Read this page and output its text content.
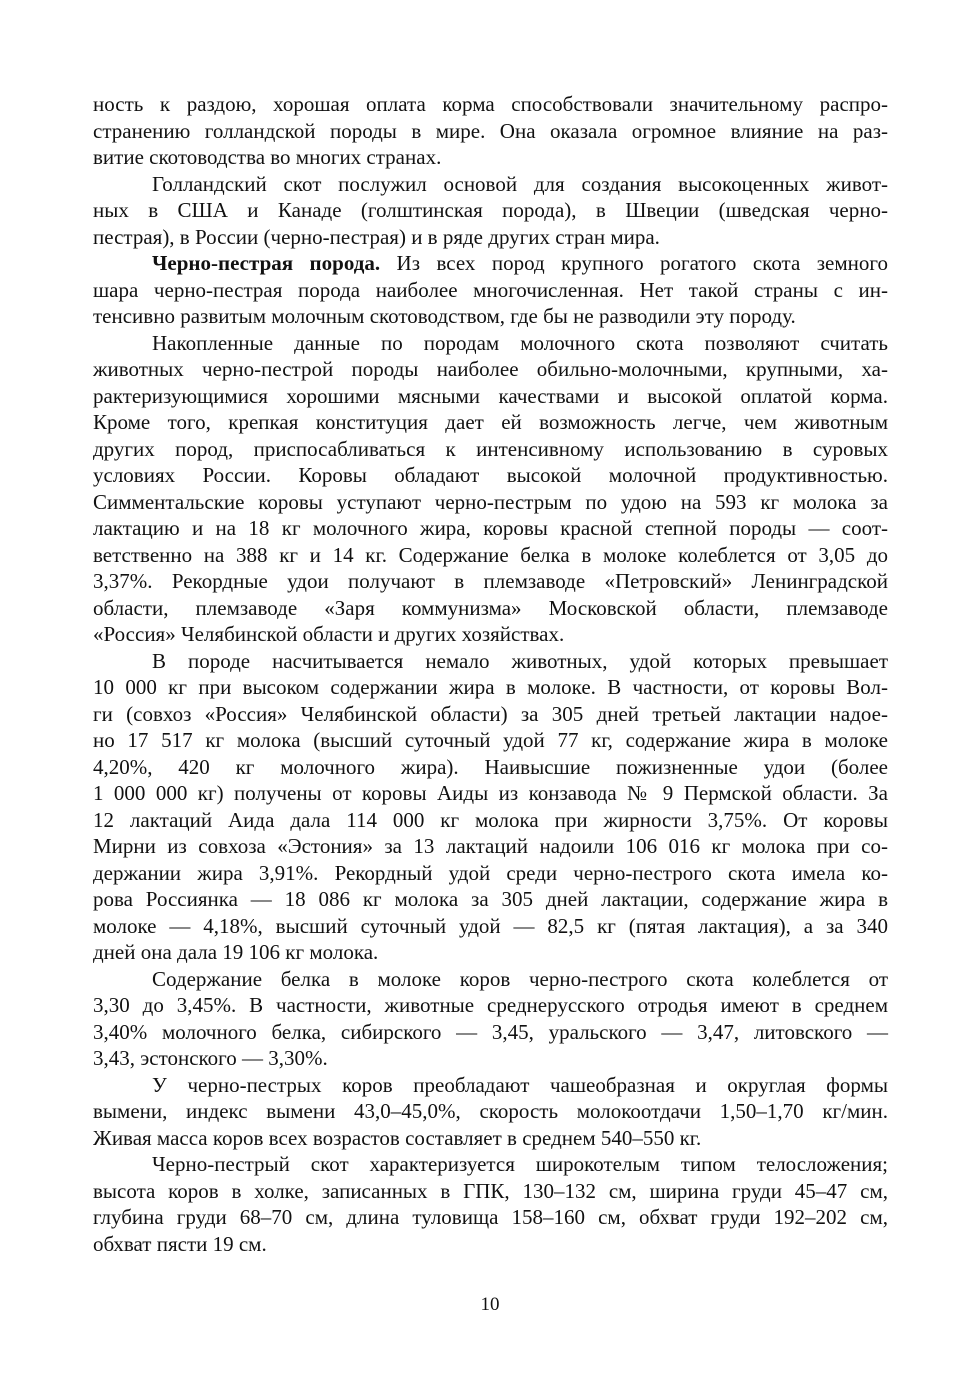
ность к раздою, хорошая оплата корма способствовали значительному распро-
странению голландской породы в мире. Она оказала огромное влияние на раз-
витие скотоводства во многих странах.
Голландский скот послужил основой для создания высокоценных живот-
ных в США и Канаде (голштинская порода), в Швеции (шведская черно-
пестрая), в России (черно-пестрая) и в ряде других стран мира.
Черно-пестрая порода. Из всех пород крупного рогатого скота земного
шара черно-пестрая порода наиболее многочисленная. Нет такой страны с ин-
тенсивно развитым молочным скотоводством, где бы не разводили эту породу.
Накопленные данные по породам молочного скота позволяют считать
животных черно-пестрой породы наиболее обильно-молочными, крупными, ха-
рактеризующимися хорошими мясными качествами и высокой оплатой корма.
Кроме того, крепкая конституция дает ей возможность легче, чем животным
других пород, приспосабливаться к интенсивному использованию в суровых
условиях России. Коровы обладают высокой молочной продуктивностью.
Симментальские коровы уступают черно-пестрым по удою на 593 кг молока за
лактацию и на 18 кг молочного жира, коровы красной степной породы — соот-
ветственно на 388 кг и 14 кг. Содержание белка в молоке колеблется от 3,05 до
3,37%. Рекордные удои получают в племзаводе «Петровский» Ленинградской
области, племзаводе «Заря коммунизма» Московской области, племзаводе
«Россия» Челябинской области и других хозяйствах.
В породе насчитывается немало животных, удой которых превышает
10 000 кг при высоком содержании жира в молоке. В частности, от коровы Вол-
ги (совхоз «Россия» Челябинской области) за 305 дней третьей лактации надое-
но 17 517 кг молока (высший суточный удой 77 кг, содержание жира в молоке
4,20%, 420 кг молочного жира). Наивысшие пожизненные удои (более
1 000 000 кг) получены от коровы Аиды из конзавода № 9 Пермской области. За
12 лактаций Аида дала 114 000 кг молока при жирности 3,75%. От коровы
Мирни из совхоза «Эстония» за 13 лактаций надоили 106 016 кг молока при со-
держании жира 3,91%. Рекордный удой среди черно-пестрого скота имела ко-
рова Россиянка — 18 086 кг молока за 305 дней лактации, содержание жира в
молоке — 4,18%, высший суточный удой — 82,5 кг (пятая лактация), а за 340
дней она дала 19 106 кг молока.
Содержание белка в молоке коров черно-пестрого скота колеблется от
3,30 до 3,45%. В частности, животные среднерусского отродья имеют в среднем
3,40% молочного белка, сибирского — 3,45, уральского — 3,47, литовского —
3,43, эстонского — 3,30%.
У черно-пестрых коров преобладают чашеобразная и округлая формы
вымени, индекс вымени 43,0–45,0%, скорость молокоотдачи 1,50–1,70 кг/мин.
Живая масса коров всех возрастов составляет в среднем 540–550 кг.
Черно-пестрый скот характеризуется широкотелым типом телосложения;
высота коров в холке, записанных в ГПК, 130–132 см, ширина груди 45–47 см,
глубина груди 68–70 см, длина туловища 158–160 см, обхват груди 192–202 см,
обхват пясти 19 см.
10
